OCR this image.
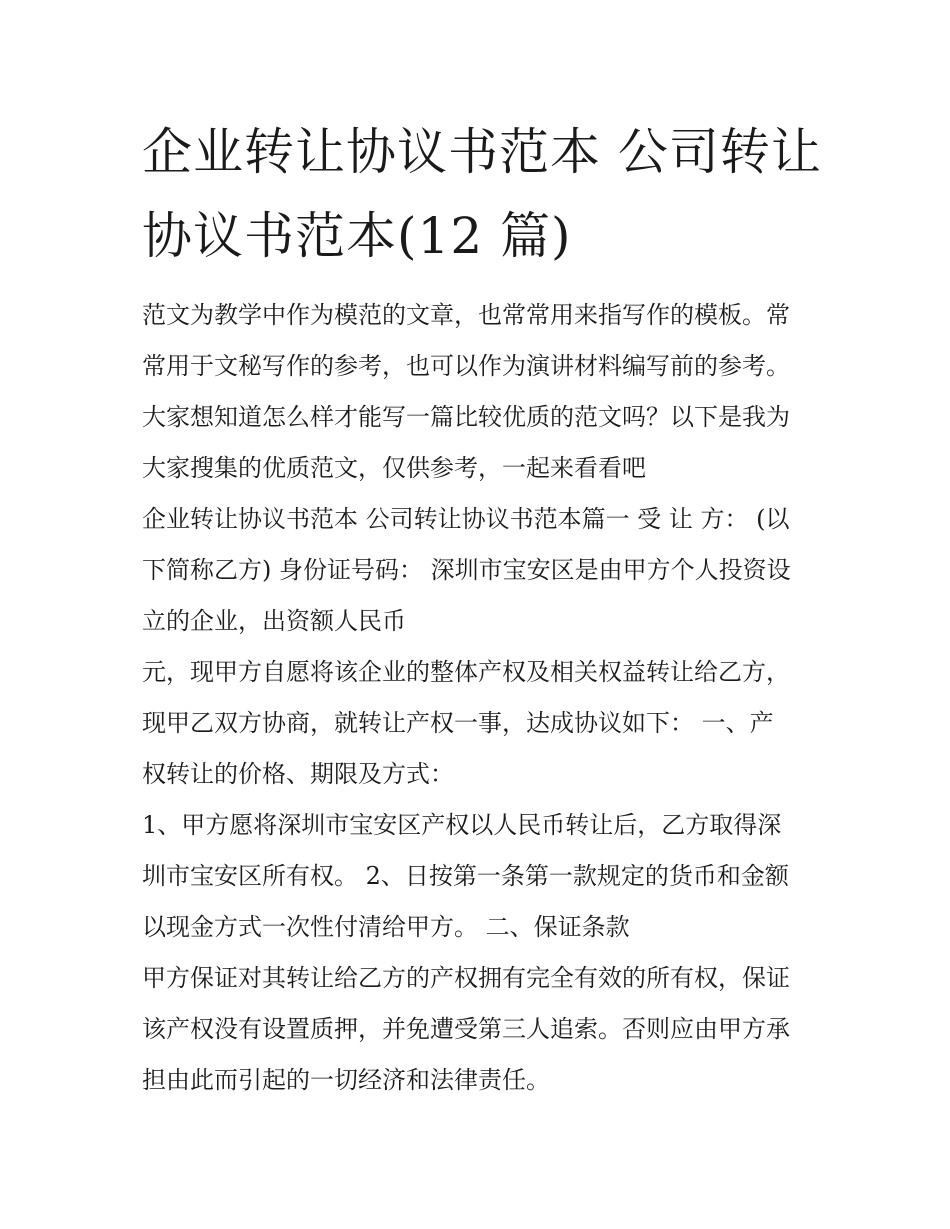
企业转让协议书范本 公司转让
协议书范本(12 篇)

范文为教学中作为模范的文章，也常常用来指写作的模板。常
常用于文秘写作的参考，也可以作为演讲材料编写前的参考。
大家想知道怎么样才能写一篇比较优质的范文吗？以下是我为
大家搜集的优质范文，仅供参考，一起来看看吧

企业转让协议书范本 公司转让协议书范本篇一 受 让 方： (以
下简称乙方) 身份证号码： 深圳市宝安区是由甲方个人投资设
立的企业，出资额人民币

元，现甲方自愿将该企业的整体产权及相关权益转让给乙方，
现甲乙双方协商，就转让产权一事，达成协议如下： 一、产
权转让的价格、期限及方式：

1、甲方愿将深圳市宝安区产权以人民币转让后，乙方取得深
圳市宝安区所有权。 2、日按第一条第一款规定的货币和金额
以现金方式一次性付清给甲方。 二、保证条款

甲方保证对其转让给乙方的产权拥有完全有效的所有权，保证
该产权没有设置质押，并免遭受第三人追索。否则应由甲方承
担由此而引起的一切经济和法律责任。
